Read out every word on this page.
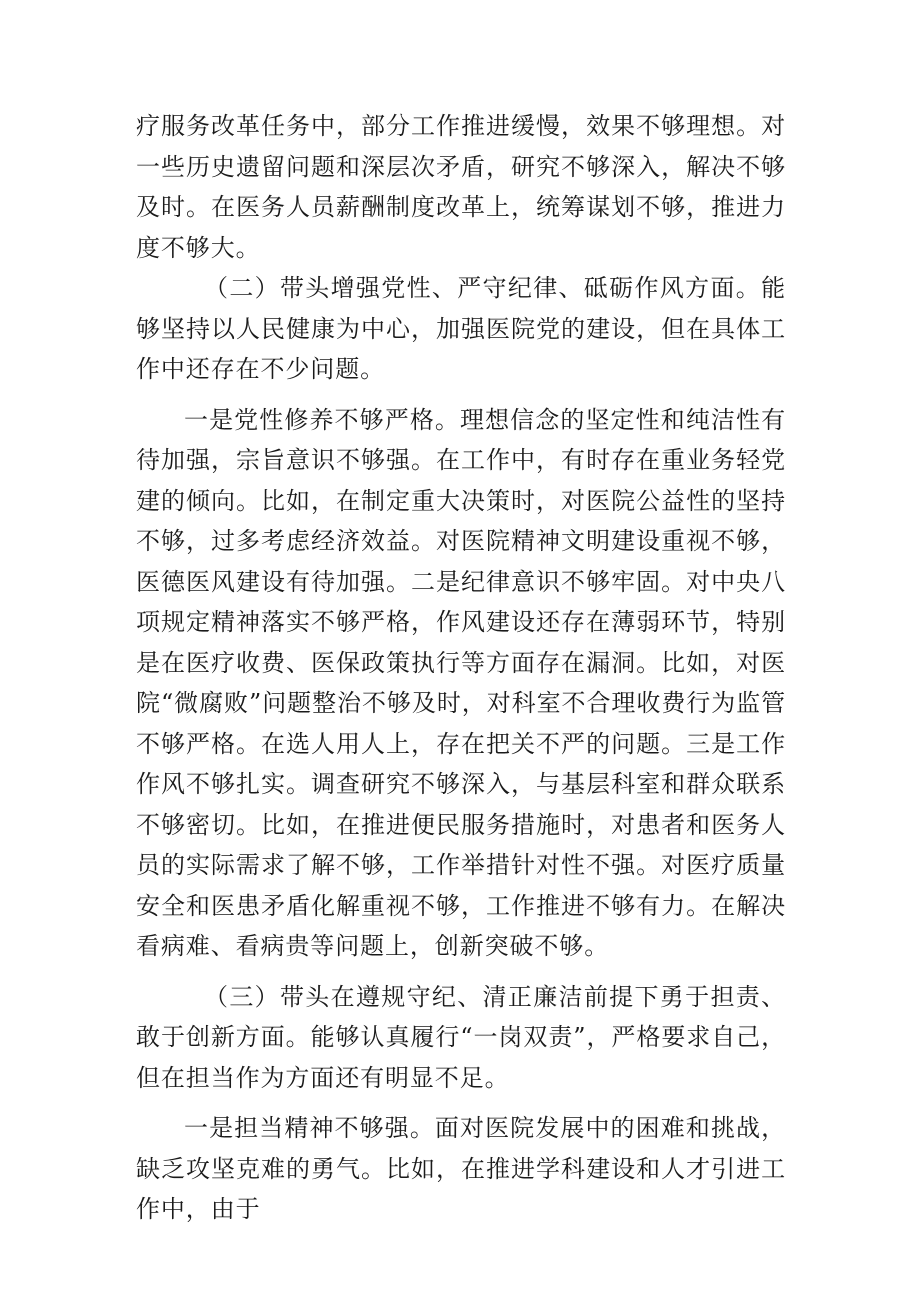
疗服务改革任务中，部分工作推进缓慢，效果不够理想。对一些历史遗留问题和深层次矛盾，研究不够深入，解决不够及时。在医务人员薪酬制度改革上，统筹谋划不够，推进力度不够大。

（二）带头增强党性、严守纪律、砥砺作风方面。能够坚持以人民健康为中心，加强医院党的建设，但在具体工作中还存在不少问题。

一是党性修养不够严格。理想信念的坚定性和纯洁性有待加强，宗旨意识不够强。在工作中，有时存在重业务轻党建的倾向。比如，在制定重大决策时，对医院公益性的坚持不够，过多考虑经济效益。对医院精神文明建设重视不够，医德医风建设有待加强。二是纪律意识不够牢固。对中央八项规定精神落实不够严格，作风建设还存在薄弱环节，特别是在医疗收费、医保政策执行等方面存在漏洞。比如，对医院“微腐败”问题整治不够及时，对科室不合理收费行为监管不够严格。在选人用人上，存在把关不严的问题。三是工作作风不够扎实。调查研究不够深入，与基层科室和群众联系不够密切。比如，在推进便民服务措施时，对患者和医务人员的实际需求了解不够，工作举措针对性不强。对医疗质量安全和医患矛盾化解重视不够，工作推进不够有力。在解决看病难、看病贵等问题上，创新突破不够。

（三）带头在遵规守纪、清正廉洁前提下勇于担责、敢于创新方面。能够认真履行“一岗双责”，严格要求自己，但在担当作为方面还有明显不足。

一是担当精神不够强。面对医院发展中的困难和挑战，缺乏攻坚克难的勇气。比如，在推进学科建设和人才引进工作中，由于
